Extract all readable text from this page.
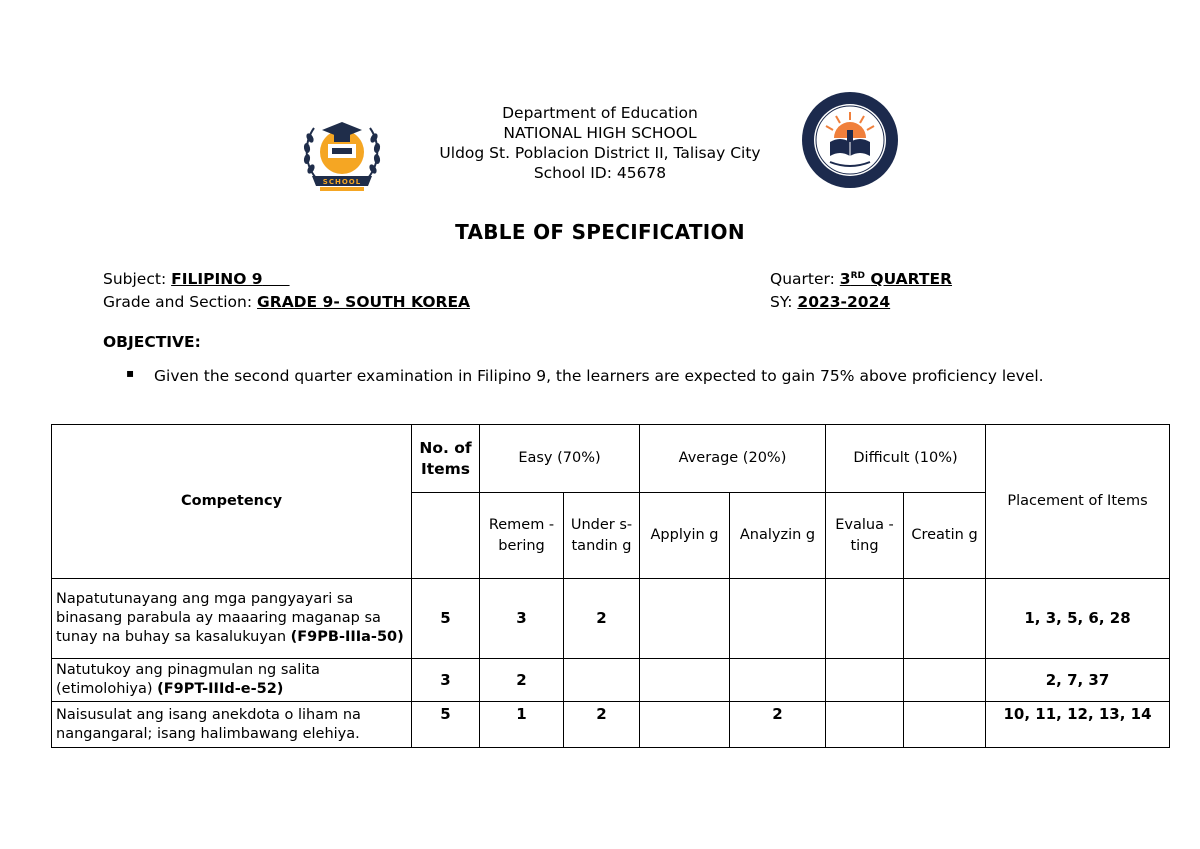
SCHOOL
Department of Education
NATIONAL HIGH SCHOOL
Uldog St. Poblacion District II, Talisay City
School ID: 45678
TABLE OF SPECIFICATION
Subject: FILIPINO 9
Grade and Section: GRADE 9- SOUTH KOREA
Quarter: 3RD QUARTER
SY: 2023-2024
OBJECTIVE:
▪ Given the second quarter examination in Filipino 9, the learners are expected to gain 75% above proficiency level.
Competency	No. of Items	Easy (70%)		Average (20%)		Difficult (10%)		Placement of Items
		Remem -bering	Under s- tandin g	Applyin g	Analyzin g	Evalua -ting	Creatin g	
Napatutunayang ang mga pangyayari sa binasang parabula ay maaaring maganap sa tunay na buhay sa kasalukuyan (F9PB-IIIa-50)	5	3	2					1, 3, 5, 6, 28
Natutukoy ang pinagmulan ng salita (etimolohiya) (F9PT-IIId-e-52)	3	2						2, 7, 37
Naisusulat ang isang anekdota o liham na nangangaral; isang halimbawang elehiya.	5	1	2		2			10, 11, 12, 13, 14
